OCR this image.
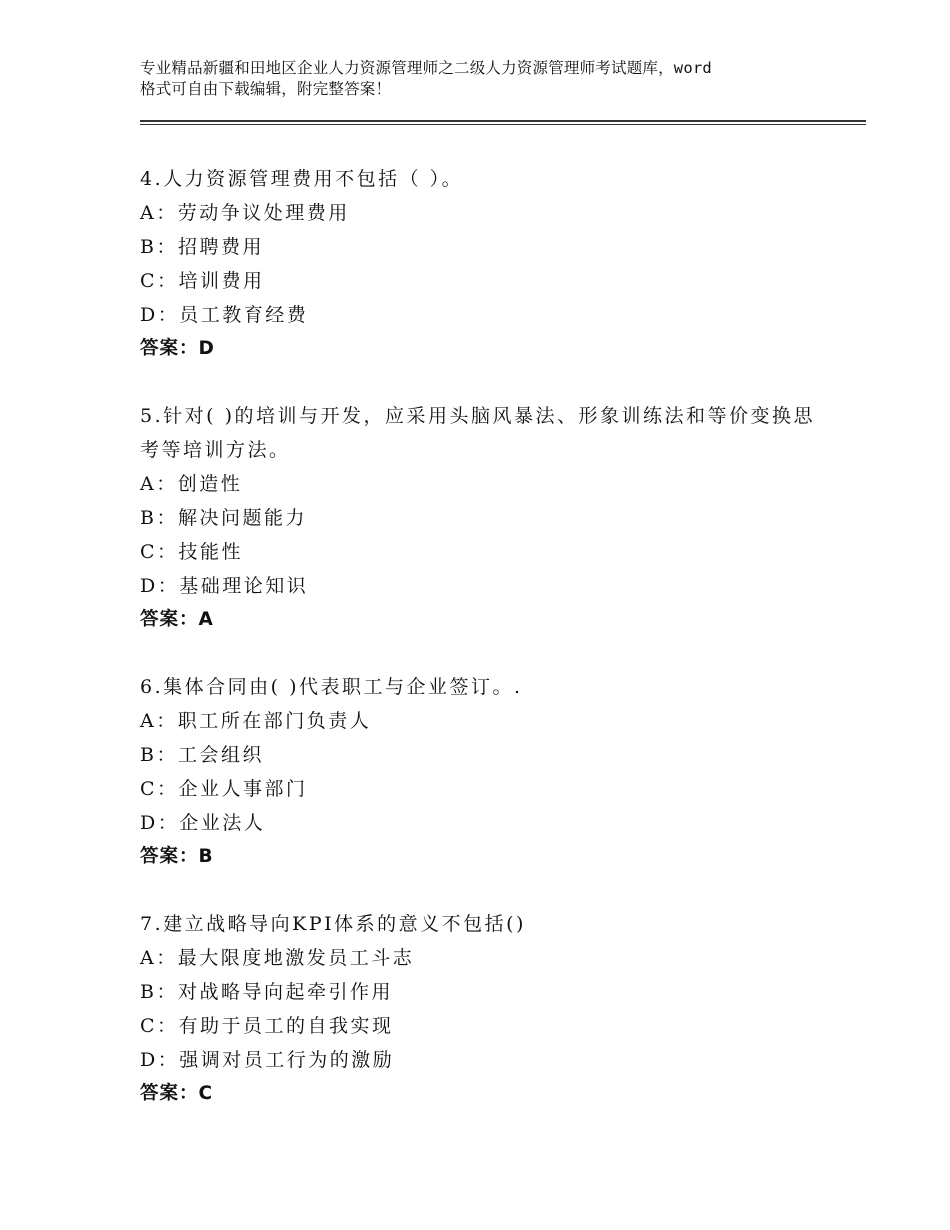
专业精品新疆和田地区企业人力资源管理师之二级人力资源管理师考试题库，word
格式可自由下载编辑，附完整答案！
4.人力资源管理费用不包括（ ）。
A：劳动争议处理费用
B：招聘费用
C：培训费用
D：员工教育经费
答案：D
5.针对( )的培训与开发，应采用头脑风暴法、形象训练法和等价变换思考等培训方法。
A：创造性
B：解决问题能力
C：技能性
D：基础理论知识
答案：A
6.集体合同由( )代表职工与企业签订。.
A：职工所在部门负责人
B：工会组织
C：企业人事部门
D：企业法人
答案：B
7.建立战略导向KPI体系的意义不包括()
A：最大限度地激发员工斗志
B：对战略导向起牵引作用
C：有助于员工的自我实现
D：强调对员工行为的激励
答案：C
